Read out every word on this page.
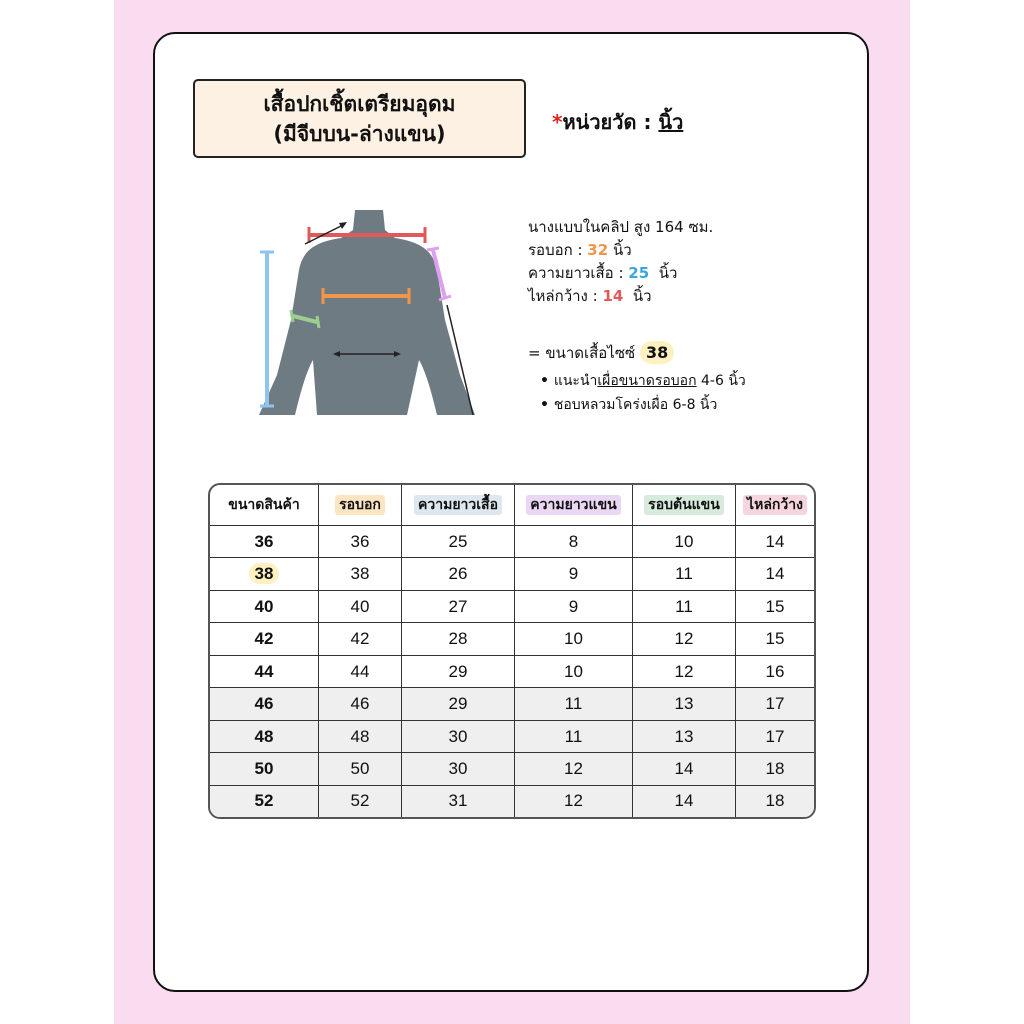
เสื้อปกเชิ้ตเตรียมอุดม
(มีจีบบน-ล่างแขน)	*หน่วยวัด : นิ้ว
นางแบบในคลิป สูง 164 ซม.
รอบอก : 32 นิ้ว
ความยาวเสื้อ : 25 นิ้ว
ไหล่กว้าง : 14 นิ้ว
= ขนาดเสื้อไซซ์ 38
• แนะนำเผื่อขนาดรอบอก 4-6 นิ้ว
• ชอบหลวมโคร่งเผื่อ 6-8 นิ้ว
ขนาดสินค้า	รอบอก	ความยาวเสื้อ	ความยาวแขน	รอบต้นแขน	ไหล่กว้าง
36	36	25	8	10	14
38	38	26	9	11	14
40	40	27	9	11	15
42	42	28	10	12	15
44	44	29	10	12	16
46	46	29	11	13	17
48	48	30	11	13	17
50	50	30	12	14	18
52	52	31	12	14	18
